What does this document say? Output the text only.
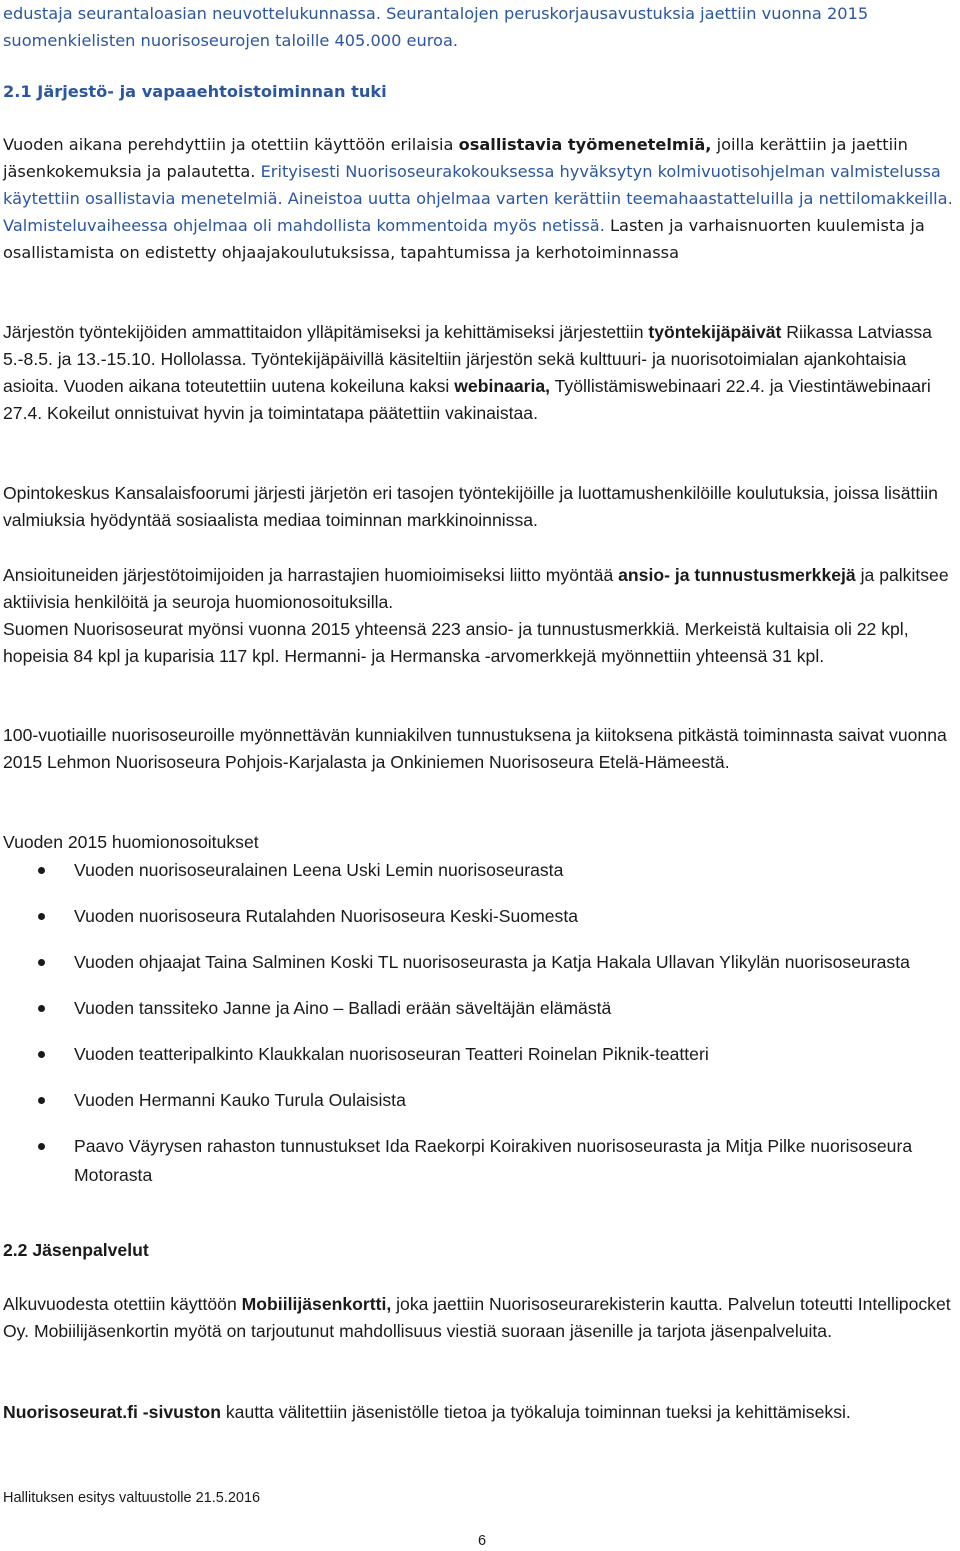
edustaja seurantaloasian neuvottelukunnassa. Seurantalojen peruskorjausavustuksia jaettiin vuonna 2015
suomenkielisten nuorisoseurojen taloille 405.000 euroa.

2.1 Järjestö- ja vapaaehtoistoiminnan tuki

Vuoden aikana perehdyttiin ja otettiin käyttöön erilaisia osallistavia työmenetelmiä, joilla kerättiin ja jaettiin jäsenkokemuksia ja palautetta. Erityisesti Nuorisoseurakokouksessa hyväksytyn kolmivuotisohjelman valmistelussa käytettiin osallistavia menetelmiä. Aineistoa uutta ohjelmaa varten kerättiin teemahaastatteluilla ja nettilomakkeilla. Valmisteluvaiheessa ohjelmaa oli mahdollista kommentoida myös netissä. Lasten ja varhaisnuorten kuulemista ja osallistamista on edistetty ohjaajakoulutuksissa, tapahtumissa ja kerhotoiminnassa

Järjestön työntekijöiden ammattitaidon ylläpitämiseksi ja kehittämiseksi järjestettiin työntekijäpäivät Riikassa Latviassa 5.-8.5. ja 13.-15.10. Hollolassa. Työntekijäpäivillä käsiteltiin järjestön sekä kulttuuri- ja nuorisotoimialan ajankohtaisia asioita. Vuoden aikana toteutettiin uutena kokeiluna kaksi webinaaria, Työllistämiswebinaari 22.4. ja Viestintäwebinaari 27.4. Kokeilut onnistuivat hyvin ja toimintatapa päätettiin vakinaistaa.

Opintokeskus Kansalaisfoorumi järjesti järjetön eri tasojen työntekijöille ja luottamushenkilöille koulutuksia, joissa lisättiin valmiuksia hyödyntää sosiaalista mediaa toiminnan markkinoinnissa.

Ansioituneiden järjestötoimijoiden ja harrastajien huomioimiseksi liitto myöntää ansio- ja tunnustusmerkkejä ja palkitsee aktiivisia henkilöitä ja seuroja huomionosoituksilla.
Suomen Nuorisoseurat myönsi vuonna 2015 yhteensä 223 ansio- ja tunnustusmerkkiä. Merkeistä kultaisia oli 22 kpl, hopeisia 84 kpl ja kuparisia 117 kpl. Hermanni- ja Hermanska -arvomerkkejä myönnettiin yhteensä 31 kpl.

100-vuotiaille nuorisoseuroille myönnettävän kunniakilven tunnustuksena ja kiitoksena pitkästä toiminnasta saivat vuonna 2015 Lehmon Nuorisoseura Pohjois-Karjalasta ja Onkiniemen Nuorisoseura Etelä-Hämeestä.

Vuoden 2015 huomionosoitukset

Vuoden nuorisoseuralainen Leena Uski Lemin nuorisoseurasta
Vuoden nuorisoseura Rutalahden Nuorisoseura Keski-Suomesta
Vuoden ohjaajat Taina Salminen Koski TL nuorisoseurasta ja Katja Hakala Ullavan Ylikylän nuorisoseurasta
Vuoden tanssiteko Janne ja Aino – Balladi erään säveltäjän elämästä
Vuoden teatteripalkinto Klaukkalan nuorisoseuran Teatteri Roinelan Piknik-teatteri
Vuoden Hermanni Kauko Turula Oulaisista
Paavo Väyrysen rahaston tunnustukset Ida Raekorpi Koirakiven nuorisoseurasta ja Mitja Pilke nuorisoseura Motorasta

2.2 Jäsenpalvelut

Alkuvuodesta otettiin käyttöön Mobiilijäsenkortti, joka jaettiin Nuorisoseurarekisterin kautta. Palvelun toteutti Intellipocket Oy. Mobiilijäsenkortin myötä on tarjoutunut mahdollisuus viestiä suoraan jäsenille ja tarjota jäsenpalveluita.

Nuorisoseurat.fi -sivuston kautta välitettiin jäsenistölle tietoa ja työkaluja toiminnan tueksi ja kehittämiseksi.

Hallituksen esitys valtuustolle 21.5.2016
6
